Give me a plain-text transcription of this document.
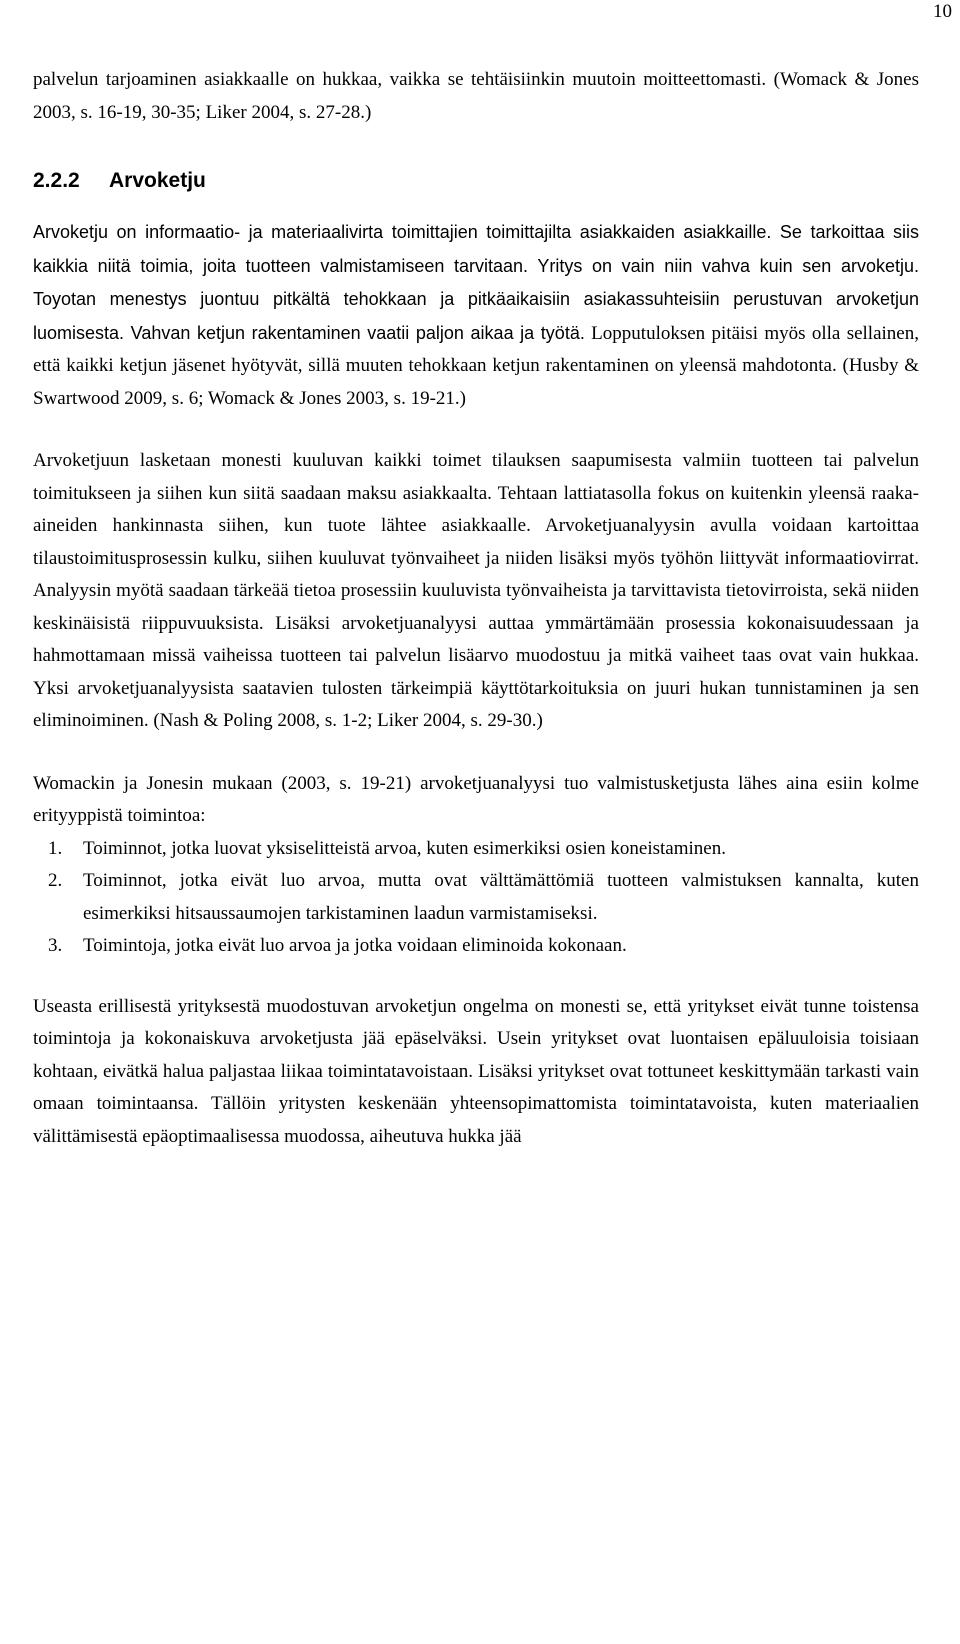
10

palvelun tarjoaminen asiakkaalle on hukkaa, vaikka se tehtäisiinkin muutoin moitteettomasti. (Womack & Jones 2003, s. 16-19, 30-35; Liker 2004, s. 27-28.)

2.2.2	Arvoketju

Arvoketju on informaatio- ja materiaalivirta toimittajien toimittajilta asiakkaiden asiakkaille. Se tarkoittaa siis kaikkia niitä toimia, joita tuotteen valmistamiseen tarvitaan. Yritys on vain niin vahva kuin sen arvoketju. Toyotan menestys juontuu pitkältä tehokkaan ja pitkäaikaisiin asiakassuhteisiin perustuvan arvoketjun luomisesta. Vahvan ketjun rakentaminen vaatii paljon aikaa ja työtä. Lopputuloksen pitäisi myös olla sellainen, että kaikki ketjun jäsenet hyötyvät, sillä muuten tehokkaan ketjun rakentaminen on yleensä mahdotonta. (Husby & Swartwood 2009, s. 6; Womack & Jones 2003, s. 19-21.)

Arvoketjuun lasketaan monesti kuuluvan kaikki toimet tilauksen saapumisesta valmiin tuotteen tai palvelun toimitukseen ja siihen kun siitä saadaan maksu asiakkaalta. Tehtaan lattiatasolla fokus on kuitenkin yleensä raaka-aineiden hankinnasta siihen, kun tuote lähtee asiakkaalle. Arvoketjuanalyysin avulla voidaan kartoittaa tilaustoimitusprosessin kulku, siihen kuuluvat työnvaiheet ja niiden lisäksi myös työhön liittyvät informaatiovirrat. Analyysin myötä saadaan tärkeää tietoa prosessiin kuuluvista työnvaiheista ja tarvittavista tietovirroista, sekä niiden keskinäisistä riippuvuuksista. Lisäksi arvoketjuanalyysi auttaa ymmärtämään prosessia kokonaisuudessaan ja hahmottamaan missä vaiheissa tuotteen tai palvelun lisäarvo muodostuu ja mitkä vaiheet taas ovat vain hukkaa. Yksi arvoketjuanalyysista saatavien tulosten tärkeimpiä käyttötarkoituksia on juuri hukan tunnistaminen ja sen eliminoiminen. (Nash & Poling 2008, s. 1-2; Liker 2004, s. 29-30.)

Womackin ja Jonesin mukaan (2003, s. 19-21) arvoketjuanalyysi tuo valmistusketjusta lähes aina esiin kolme erityyppistä toimintoa:

1.	Toiminnot, jotka luovat yksiselitteistä arvoa, kuten esimerkiksi osien koneistaminen.
2.	Toiminnot, jotka eivät luo arvoa, mutta ovat välttämättömiä tuotteen valmistuksen kannalta, kuten esimerkiksi hitsaussaumojen tarkistaminen laadun varmistamiseksi.
3.	Toimintoja, jotka eivät luo arvoa ja jotka voidaan eliminoida kokonaan.

Useasta erillisestä yrityksestä muodostuvan arvoketjun ongelma on monesti se, että yritykset eivät tunne toistensa toimintoja ja kokonaiskuva arvoketjusta jää epäselväksi. Usein yritykset ovat luontaisen epäluuloisia toisiaan kohtaan, eivätkä halua paljastaa liikaa toimintatavoistaan. Lisäksi yritykset ovat tottuneet keskittymään tarkasti vain omaan toimintaansa. Tällöin yritysten keskenään yhteensopimattomista toimintatavoista, kuten materiaalien välittämisestä epäoptimaalisessa muodossa, aiheutuva hukka jää
